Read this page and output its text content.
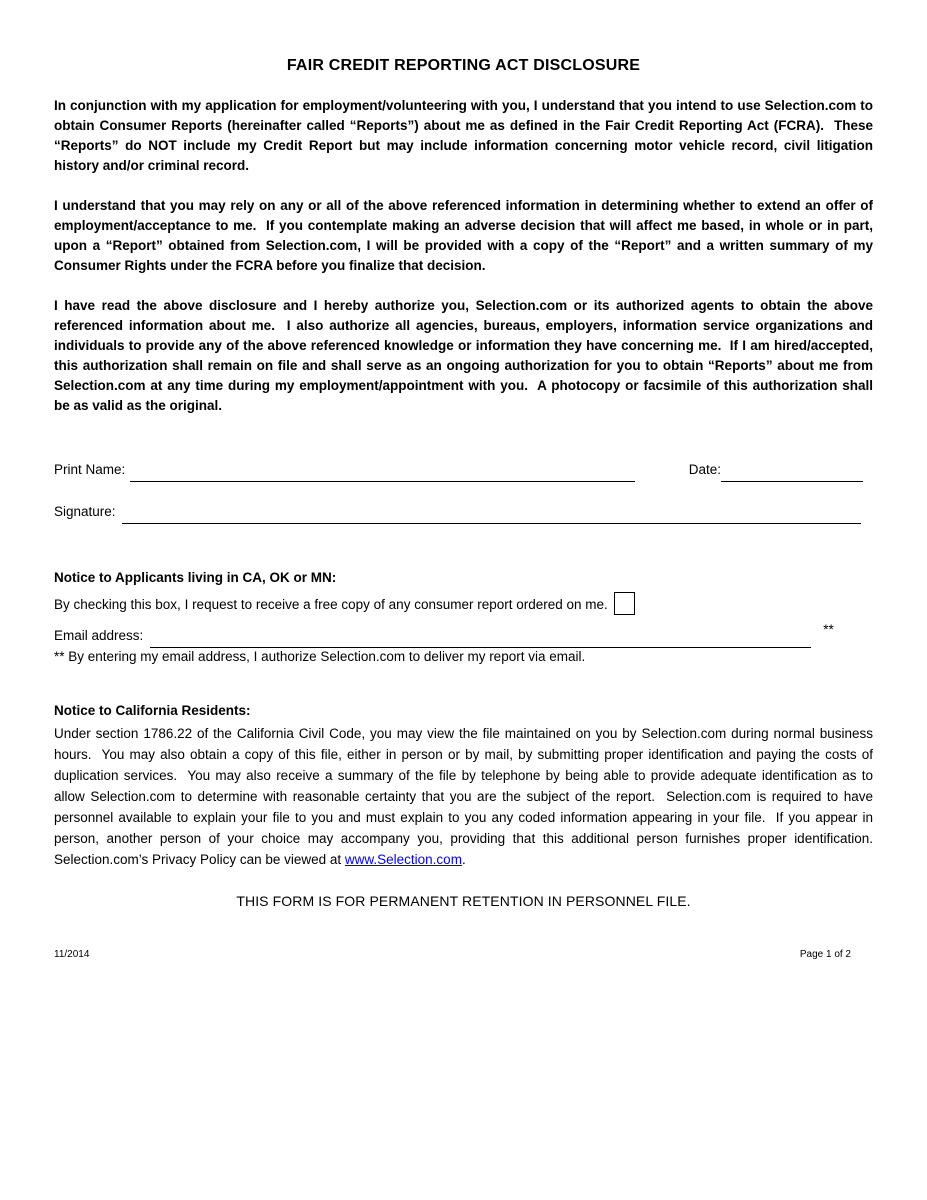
FAIR CREDIT REPORTING ACT DISCLOSURE

In conjunction with my application for employment/volunteering with you, I understand that you intend to use Selection.com to obtain Consumer Reports (hereinafter called “Reports”) about me as defined in the Fair Credit Reporting Act (FCRA).  These “Reports” do NOT include my Credit Report but may include information concerning motor vehicle record, civil litigation history and/or criminal record.

I understand that you may rely on any or all of the above referenced information in determining whether to extend an offer of employment/acceptance to me.  If you contemplate making an adverse decision that will affect me based, in whole or in part, upon a “Report” obtained from Selection.com, I will be provided with a copy of the “Report” and a written summary of my Consumer Rights under the FCRA before you finalize that decision.

I have read the above disclosure and I hereby authorize you, Selection.com or its authorized agents to obtain the above referenced information about me.  I also authorize all agencies, bureaus, employers, information service organizations and individuals to provide any of the above referenced knowledge or information they have concerning me.  If I am hired/accepted, this authorization shall remain on file and shall serve as an ongoing authorization for you to obtain “Reports” about me from Selection.com at any time during my employment/appointment with you.  A photocopy or facsimile of this authorization shall be as valid as the original.

Print Name:	Date:
Signature:
Notice to Applicants living in CA, OK or MN:
By checking this box, I request to receive a free copy of any consumer report ordered on me.
Email address:	**
** By entering my email address, I authorize Selection.com to deliver my report via email.
Notice to California Residents:

Under section 1786.22 of the California Civil Code, you may view the file maintained on you by Selection.com during normal business hours.  You may also obtain a copy of this file, either in person or by mail, by submitting proper identification and paying the costs of duplication services.  You may also receive a summary of the file by telephone by being able to provide adequate identification as to allow Selection.com to determine with reasonable certainty that you are the subject of the report.  Selection.com is required to have personnel available to explain your file to you and must explain to you any coded information appearing in your file.  If you appear in person, another person of your choice may accompany you, providing that this additional person furnishes proper identification.  Selection.com’s Privacy Policy can be viewed at www.Selection.com.

THIS FORM IS FOR PERMANENT RETENTION IN PERSONNEL FILE.
11/2014	Page 1 of 2
